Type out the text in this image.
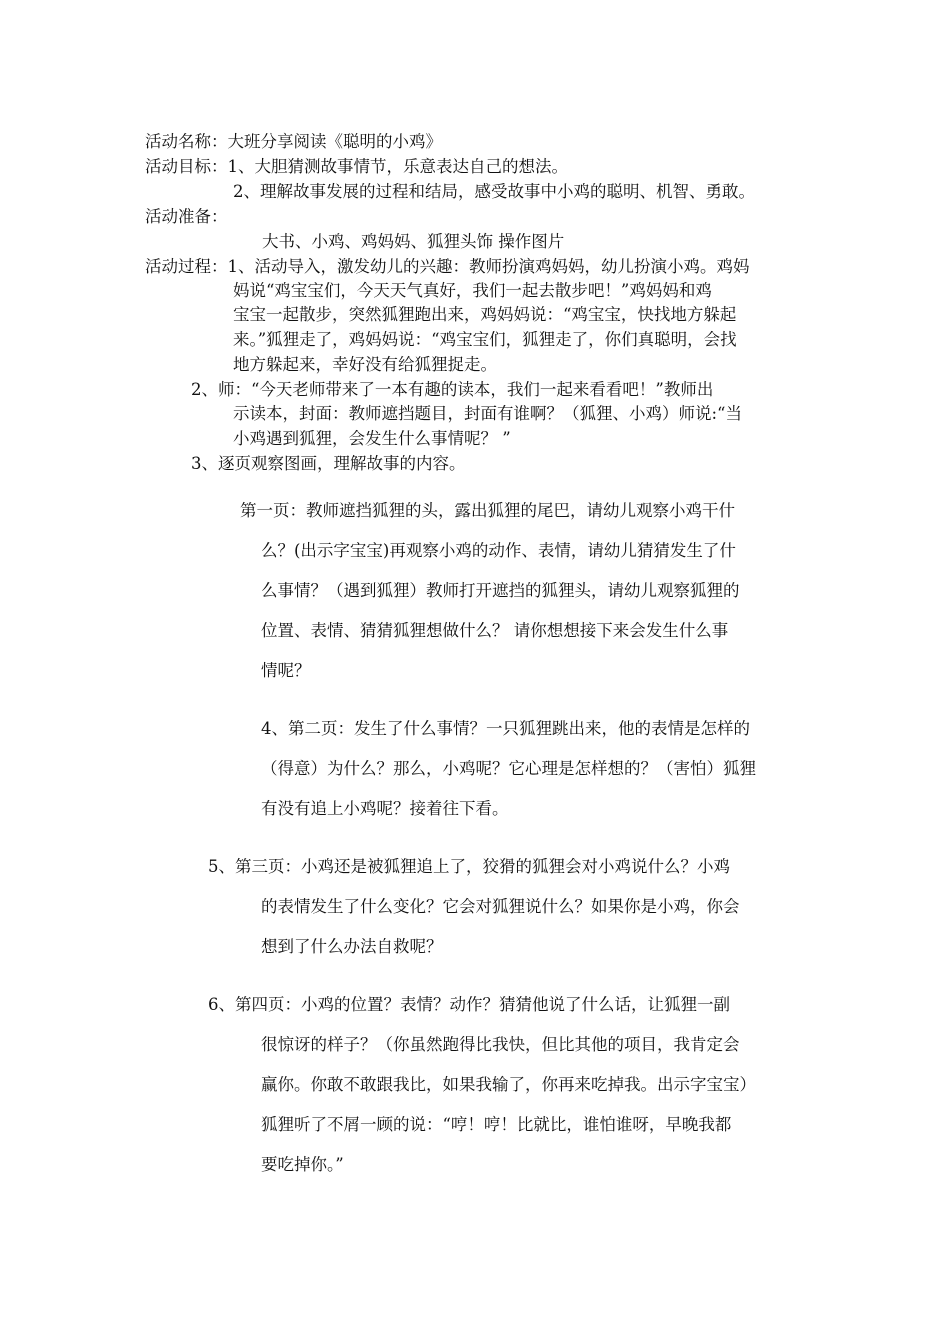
活动名称：大班分享阅读《聪明的小鸡》
活动目标：1、大胆猜测故事情节，乐意表达自己的想法。
2、理解故事发展的过程和结局，感受故事中小鸡的聪明、机智、勇敢。
活动准备：
大书、小鸡、鸡妈妈、狐狸头饰 操作图片
活动过程：1、活动导入，激发幼儿的兴趣：教师扮演鸡妈妈，幼儿扮演小鸡。鸡妈
妈说“鸡宝宝们，今天天气真好，我们一起去散步吧！”鸡妈妈和鸡
宝宝一起散步，突然狐狸跑出来，鸡妈妈说：“鸡宝宝，快找地方躲起
来。”狐狸走了，鸡妈妈说：“鸡宝宝们，狐狸走了，你们真聪明，会找
地方躲起来，幸好没有给狐狸捉走。
2、师：“今天老师带来了一本有趣的读本，我们一起来看看吧！”教师出
示读本，封面：教师遮挡题目，封面有谁啊？（狐狸、小鸡）师说:“当
小鸡遇到狐狸，会发生什么事情呢？ ”
3、逐页观察图画，理解故事的内容。
第一页：教师遮挡狐狸的头，露出狐狸的尾巴，请幼儿观察小鸡干什
么？(出示字宝宝)再观察小鸡的动作、表情，请幼儿猜猜发生了什
么事情？（遇到狐狸）教师打开遮挡的狐狸头，请幼儿观察狐狸的
位置、表情、猜猜狐狸想做什么？ 请你想想接下来会发生什么事
情呢？
4、第二页：发生了什么事情？一只狐狸跳出来，他的表情是怎样的
（得意）为什么？那么，小鸡呢？它心理是怎样想的？（害怕）狐狸
有没有追上小鸡呢？接着往下看。
5、第三页：小鸡还是被狐狸追上了，狡猾的狐狸会对小鸡说什么？小鸡
的表情发生了什么变化？它会对狐狸说什么？如果你是小鸡，你会
想到了什么办法自救呢？
6、第四页：小鸡的位置？表情？动作？猜猜他说了什么话，让狐狸一副
很惊讶的样子？（你虽然跑得比我快，但比其他的项目，我肯定会
赢你。你敢不敢跟我比，如果我输了，你再来吃掉我。出示字宝宝）
狐狸听了不屑一顾的说：“哼！哼！比就比，谁怕谁呀，早晚我都
要吃掉你。”
